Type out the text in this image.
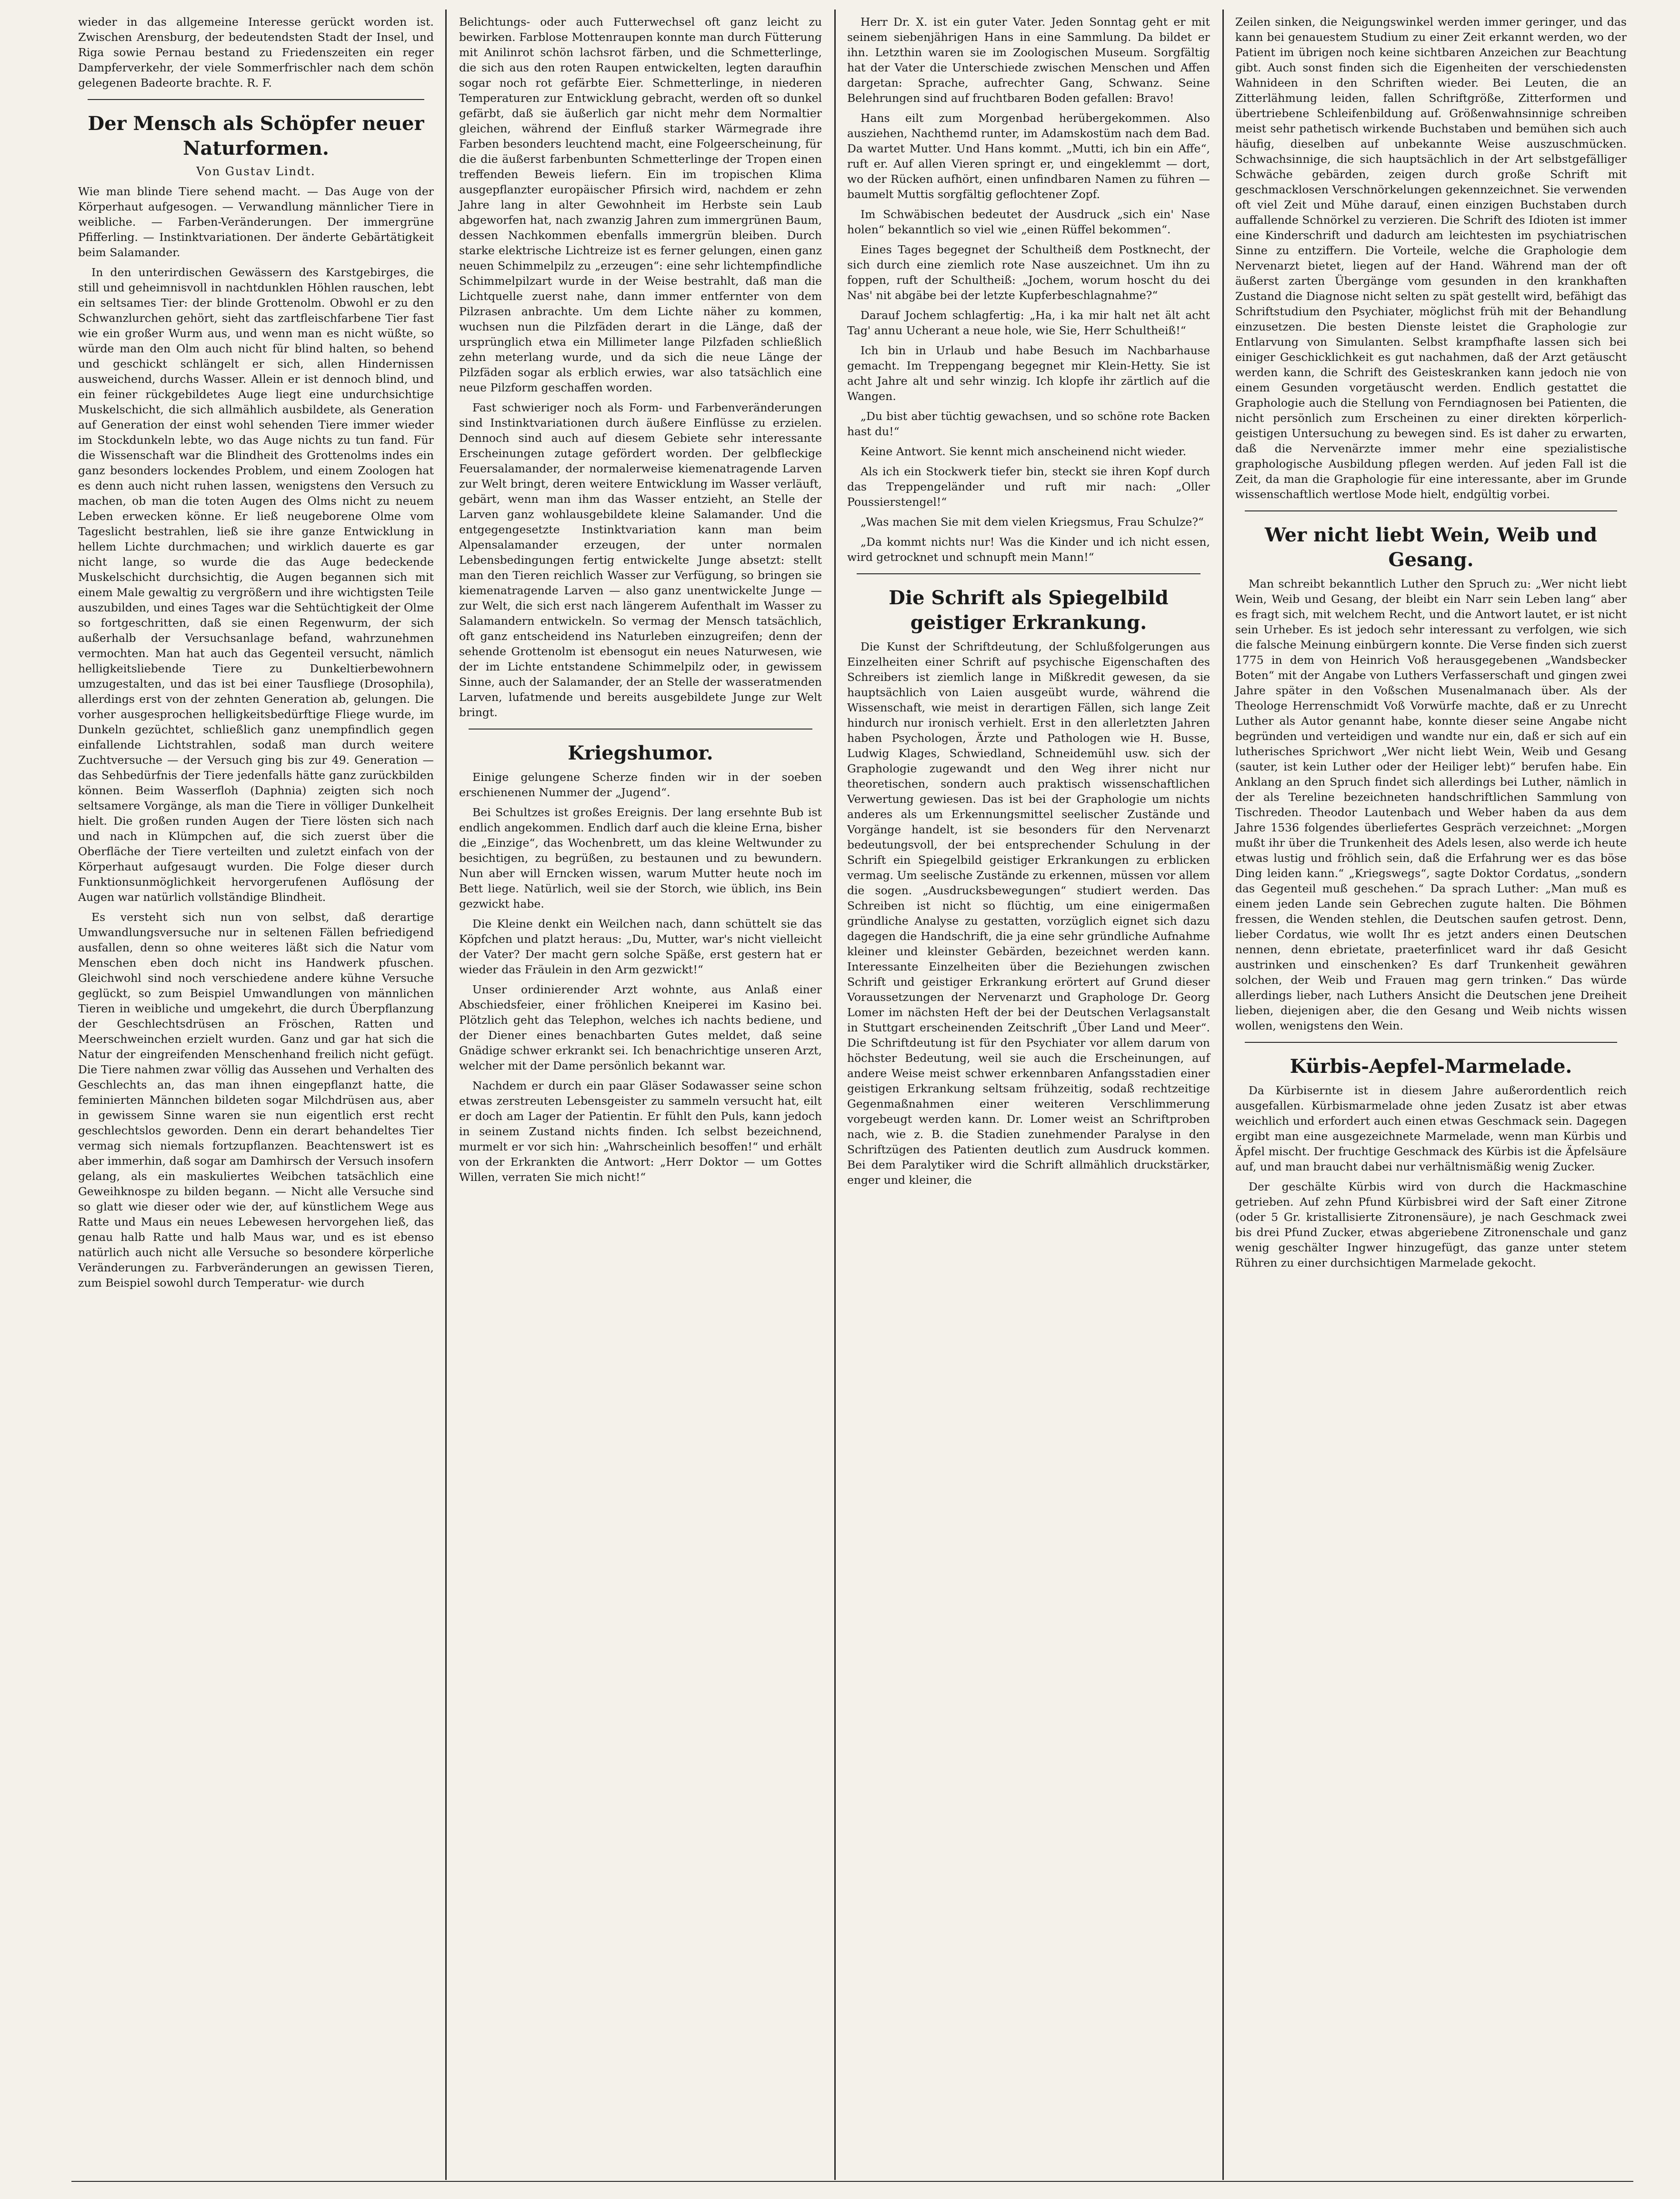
wieder in das allgemeine Interesse gerückt worden ist. Zwischen Arensburg, der bedeutendsten Stadt der Insel, und Riga sowie Pernau bestand zu Friedenszeiten ein reger Dampferverkehr, der viele Sommerfrischler nach dem schön gelegenen Badeorte brachte. R. F.

Der Mensch als Schöpfer neuer Naturformen.
Von Gustav Lindt.

Wie man blinde Tiere sehend macht. — Das Auge von der Körperhaut aufgesogen. — Verwandlung männlicher Tiere in weibliche. — Farben-Veränderungen. Der immergrüne Pfifferling. — Instinktvariationen. Der änderte Gebärtätigkeit beim Salamander.

In den unterirdischen Gewässern des Karstgebirges, die still und geheimnisvoll in nachtdunklen Höhlen rauschen, lebt ein seltsames Tier: der blinde Grottenolm. Obwohl er zu den Schwanzlurchen gehört, sieht das zartfleischfarbene Tier fast wie ein großer Wurm aus, und wenn man es nicht wüßte, so würde man den Olm auch nicht für blind halten, so behend und geschickt schlängelt er sich, allen Hindernissen ausweichend, durchs Wasser. Allein er ist dennoch blind, und ein feiner rückgebildetes Auge liegt eine undurchsichtige Muskelschicht, die sich allmählich ausbildete, als Generation auf Generation der einst wohl sehenden Tiere immer wieder im Stockdunkeln lebte, wo das Auge nichts zu tun fand. Für die Wissenschaft war die Blindheit des Grottenolms indes ein ganz besonders lockendes Problem, und einem Zoologen hat es denn auch nicht ruhen lassen, wenigstens den Versuch zu machen, ob man die toten Augen des Olms nicht zu neuem Leben erwecken könne. Er ließ neugeborene Olme vom Tageslicht bestrahlen, ließ sie ihre ganze Entwicklung in hellem Lichte durchmachen; und wirklich dauerte es gar nicht lange, so wurde die das Auge bedeckende Muskelschicht durchsichtig, die Augen begannen sich mit einem Male gewaltig zu vergrößern und ihre wichtigsten Teile auszubilden, und eines Tages war die Sehtüchtigkeit der Olme so fortgeschritten, daß sie einen Regenwurm, der sich außerhalb der Versuchsanlage befand, wahrzunehmen vermochten. Man hat auch das Gegenteil versucht, nämlich helligkeitsliebende Tiere zu Dunkeltierbewohnern umzugestalten, und das ist bei einer Tausfliege (Drosophila), allerdings erst von der zehnten Generation ab, gelungen. Die vorher ausgesprochen helligkeitsbedürftige Fliege wurde, im Dunkeln gezüchtet, schließlich ganz unempfindlich gegen einfallende Lichtstrahlen, sodaß man durch weitere Zuchtversuche — der Versuch ging bis zur 49. Generation — das Sehbedürfnis der Tiere jedenfalls hätte ganz zurückbilden können. Beim Wasserfloh (Daphnia) zeigten sich noch seltsamere Vorgänge, als man die Tiere in völliger Dunkelheit hielt. Die großen runden Augen der Tiere lösten sich nach und nach in Klümpchen auf, die sich zuerst über die Oberfläche der Tiere verteilten und zuletzt einfach von der Körperhaut aufgesaugt wurden. Die Folge dieser durch Funktionsunmöglichkeit hervorgerufenen Auflösung der Augen war natürlich vollständige Blindheit.

Es versteht sich nun von selbst, daß derartige Umwandlungsversuche nur in seltenen Fällen befriedigend ausfallen, denn so ohne weiteres läßt sich die Natur vom Menschen eben doch nicht ins Handwerk pfuschen. Gleichwohl sind noch verschiedene andere kühne Versuche geglückt, so zum Beispiel Umwandlungen von männlichen Tieren in weibliche und umgekehrt, die durch Überpflanzung der Geschlechtsdrüsen an Fröschen, Ratten und Meerschweinchen erzielt wurden. Ganz und gar hat sich die Natur der eingreifenden Menschenhand freilich nicht gefügt. Die Tiere nahmen zwar völlig das Aussehen und Verhalten des Geschlechts an, das man ihnen eingepflanzt hatte, die feminierten Männchen bildeten sogar Milchdrüsen aus, aber in gewissem Sinne waren sie nun eigentlich erst recht geschlechtslos geworden. Denn ein derart behandeltes Tier vermag sich niemals fortzupflanzen. Beachtenswert ist es aber immerhin, daß sogar am Damhirsch der Versuch insofern gelang, als ein maskuliertes Weibchen tatsächlich eine Geweihknospe zu bilden begann. — Nicht alle Versuche sind so glatt wie dieser oder wie der, auf künstlichem Wege aus Ratte und Maus ein neues Lebewesen hervorgehen ließ, das genau halb Ratte und halb Maus war, und es ist ebenso natürlich auch nicht alle Versuche so besondere körperliche Veränderungen zu. Farbveränderungen an gewissen Tieren, zum Beispiel sowohl durch Temperatur- wie durch

Belichtungs- oder auch Futterwechsel oft ganz leicht zu bewirken. Farblose Mottenraupen konnte man durch Fütterung mit Anilinrot schön lachsrot färben, und die Schmetterlinge, die sich aus den roten Raupen entwickelten, legten daraufhin sogar noch rot gefärbte Eier. Schmetterlinge, in niederen Temperaturen zur Entwicklung gebracht, werden oft so dunkel gefärbt, daß sie äußerlich gar nicht mehr dem Normaltier gleichen, während der Einfluß starker Wärmegrade ihre Farben besonders leuchtend macht, eine Folgeerscheinung, für die die äußerst farbenbunten Schmetterlinge der Tropen einen treffenden Beweis liefern. Ein im tropischen Klima ausgepflanzter europäischer Pfirsich wird, nachdem er zehn Jahre lang in alter Gewohnheit im Herbste sein Laub abgeworfen hat, nach zwanzig Jahren zum immergrünen Baum, dessen Nachkommen ebenfalls immergrün bleiben. Durch starke elektrische Lichtreize ist es ferner gelungen, einen ganz neuen Schimmelpilz zu „erzeugen“: eine sehr lichtempfindliche Schimmelpilzart wurde in der Weise bestrahlt, daß man die Lichtquelle zuerst nahe, dann immer entfernter von dem Pilzrasen anbrachte. Um dem Lichte näher zu kommen, wuchsen nun die Pilzfäden derart in die Länge, daß der ursprünglich etwa ein Millimeter lange Pilzfaden schließlich zehn meterlang wurde, und da sich die neue Länge der Pilzfäden sogar als erblich erwies, war also tatsächlich eine neue Pilzform geschaffen worden.

Fast schwieriger noch als Form- und Farbenveränderungen sind Instinktvariationen durch äußere Einflüsse zu erzielen. Dennoch sind auch auf diesem Gebiete sehr interessante Erscheinungen zutage gefördert worden. Der gelbfleckige Feuersalamander, der normalerweise kiemenatragende Larven zur Welt bringt, deren weitere Entwicklung im Wasser verläuft, gebärt, wenn man ihm das Wasser entzieht, an Stelle der Larven ganz wohlausgebildete kleine Salamander. Und die entgegengesetzte Instinktvariation kann man beim Alpensalamander erzeugen, der unter normalen Lebensbedingungen fertig entwickelte Junge absetzt: stellt man den Tieren reichlich Wasser zur Verfügung, so bringen sie kiemenatragende Larven — also ganz unentwickelte Junge — zur Welt, die sich erst nach längerem Aufenthalt im Wasser zu Salamandern entwickeln. So vermag der Mensch tatsächlich, oft ganz entscheidend ins Naturleben einzugreifen; denn der sehende Grottenolm ist ebensogut ein neues Naturwesen, wie der im Lichte entstandene Schimmelpilz oder, in gewissem Sinne, auch der Salamander, der an Stelle der wasseratmenden Larven, lufatmende und bereits ausgebildete Junge zur Welt bringt.

Kriegshumor.

Einige gelungene Scherze finden wir in der soeben erschienenen Nummer der „Jugend“.

Bei Schultzes ist großes Ereignis. Der lang ersehnte Bub ist endlich angekommen. Endlich darf auch die kleine Erna, bisher die „Einzige“, das Wochenbrett, um das kleine Weltwunder zu besichtigen, zu begrüßen, zu bestaunen und zu bewundern. Nun aber will Erncken wissen, warum Mutter heute noch im Bett liege. Natürlich, weil sie der Storch, wie üblich, ins Bein gezwickt habe.

Die Kleine denkt ein Weilchen nach, dann schüttelt sie das Köpfchen und platzt heraus: „Du, Mutter, war's nicht vielleicht der Vater? Der macht gern solche Späße, erst gestern hat er wieder das Fräulein in den Arm gezwickt!“

Unser ordinierender Arzt wohnte, aus Anlaß einer Abschiedsfeier, einer fröhlichen Kneiperei im Kasino bei. Plötzlich geht das Telephon, welches ich nachts bediene, und der Diener eines benachbarten Gutes meldet, daß seine Gnädige schwer erkrankt sei. Ich benachrichtige unseren Arzt, welcher mit der Dame persönlich bekannt war.

Nachdem er durch ein paar Gläser Sodawasser seine schon etwas zerstreuten Lebensgeister zu sammeln versucht hat, eilt er doch am Lager der Patientin. Er fühlt den Puls, kann jedoch in seinem Zustand nichts finden. Ich selbst bezeichnend, murmelt er vor sich hin: „Wahrscheinlich besoffen!“ und erhält von der Erkrankten die Antwort: „Herr Doktor — um Gottes Willen, verraten Sie mich nicht!“

Herr Dr. X. ist ein guter Vater. Jeden Sonntag geht er mit seinem siebenjährigen Hans in eine Sammlung. Da bildet er ihn. Letzthin waren sie im Zoologischen Museum. Sorgfältig hat der Vater die Unterschiede zwischen Menschen und Affen dargetan: Sprache, aufrechter Gang, Schwanz. Seine Belehrungen sind auf fruchtbaren Boden gefallen: Bravo!

Hans eilt zum Morgenbad herübergekommen. Also ausziehen, Nachthemd runter, im Adamskostüm nach dem Bad. Da wartet Mutter. Und Hans kommt. „Mutti, ich bin ein Affe“, ruft er. Auf allen Vieren springt er, und eingeklemmt — dort, wo der Rücken aufhört, einen unfindbaren Namen zu führen — baumelt Muttis sorgfältig geflochtener Zopf.

Im Schwäbischen bedeutet der Ausdruck „sich ein' Nase holen“ bekanntlich so viel wie „einen Rüffel bekommen“.

Eines Tages begegnet der Schultheiß dem Postknecht, der sich durch eine ziemlich rote Nase auszeichnet. Um ihn zu foppen, ruft der Schultheiß: „Jochem, worum hoscht du dei Nas' nit abgäbe bei der letzte Kupferbeschlagnahme?“

Darauf Jochem schlagfertig: „Ha, i ka mir halt net ält acht Tag' annu Ucherant a neue hole, wie Sie, Herr Schultheiß!“

Ich bin in Urlaub und habe Besuch im Nachbarhause gemacht. Im Treppengang begegnet mir Klein-Hetty. Sie ist acht Jahre alt und sehr winzig. Ich klopfe ihr zärtlich auf die Wangen.

„Du bist aber tüchtig gewachsen, und so schöne rote Backen hast du!“

Keine Antwort. Sie kennt mich anscheinend nicht wieder.

Als ich ein Stockwerk tiefer bin, steckt sie ihren Kopf durch das Treppengeländer und ruft mir nach: „Oller Poussierstengel!“

„Was machen Sie mit dem vielen Kriegsmus, Frau Schulze?“

„Da kommt nichts nur! Was die Kinder und ich nicht essen, wird getrocknet und schnupft mein Mann!“

Die Schrift als Spiegelbild geistiger Erkrankung.

Die Kunst der Schriftdeutung, der Schlußfolgerungen aus Einzelheiten einer Schrift auf psychische Eigenschaften des Schreibers ist ziemlich lange in Mißkredit gewesen, da sie hauptsächlich von Laien ausgeübt wurde, während die Wissenschaft, wie meist in derartigen Fällen, sich lange Zeit hindurch nur ironisch verhielt. Erst in den allerletzten Jahren haben Psychologen, Ärzte und Pathologen wie H. Busse, Ludwig Klages, Schwiedland, Schneidemühl usw. sich der Graphologie zugewandt und den Weg ihrer nicht nur theoretischen, sondern auch praktisch wissenschaftlichen Verwertung gewiesen. Das ist bei der Graphologie um nichts anderes als um Erkennungsmittel seelischer Zustände und Vorgänge handelt, ist sie besonders für den Nervenarzt bedeutungsvoll, der bei entsprechender Schulung in der Schrift ein Spiegelbild geistiger Erkrankungen zu erblicken vermag. Um seelische Zustände zu erkennen, müssen vor allem die sogen. „Ausdrucksbewegungen“ studiert werden. Das Schreiben ist nicht so flüchtig, um eine einigermaßen gründliche Analyse zu gestatten, vorzüglich eignet sich dazu dagegen die Handschrift, die ja eine sehr gründliche Aufnahme kleiner und kleinster Gebärden, bezeichnet werden kann. Interessante Einzelheiten über die Beziehungen zwischen Schrift und geistiger Erkrankung erörtert auf Grund dieser Voraussetzungen der Nervenarzt und Graphologe Dr. Georg Lomer im nächsten Heft der bei der Deutschen Verlagsanstalt in Stuttgart erscheinenden Zeitschrift „Über Land und Meer“. Die Schriftdeutung ist für den Psychiater vor allem darum von höchster Bedeutung, weil sie auch die Erscheinungen, auf andere Weise meist schwer erkennbaren Anfangsstadien einer geistigen Erkrankung seltsam frühzeitig, sodaß rechtzeitige Gegenmaßnahmen einer weiteren Verschlimmerung vorgebeugt werden kann. Dr. Lomer weist an Schriftproben nach, wie z. B. die Stadien zunehmender Paralyse in den Schriftzügen des Patienten deutlich zum Ausdruck kommen. Bei dem Paralytiker wird die Schrift allmählich druckstärker, enger und kleiner, die

Zeilen sinken, die Neigungswinkel werden immer geringer, und das kann bei genauestem Studium zu einer Zeit erkannt werden, wo der Patient im übrigen noch keine sichtbaren Anzeichen zur Beachtung gibt. Auch sonst finden sich die Eigenheiten der verschiedensten Wahnideen in den Schriften wieder. Bei Leuten, die an Zitterlähmung leiden, fallen Schriftgröße, Zitterformen und übertriebene Schleifenbildung auf. Größenwahnsinnige schreiben meist sehr pathetisch wirkende Buchstaben und bemühen sich auch häufig, dieselben auf unbekannte Weise auszuschmücken. Schwachsinnige, die sich hauptsächlich in der Art selbstgefälliger Schwäche gebärden, zeigen durch große Schrift mit geschmacklosen Verschnörkelungen gekennzeichnet. Sie verwenden oft viel Zeit und Mühe darauf, einen einzigen Buchstaben durch auffallende Schnörkel zu verzieren. Die Schrift des Idioten ist immer eine Kinderschrift und dadurch am leichtesten im psychiatrischen Sinne zu entziffern. Die Vorteile, welche die Graphologie dem Nervenarzt bietet, liegen auf der Hand. Während man der oft äußerst zarten Übergänge vom gesunden in den krankhaften Zustand die Diagnose nicht selten zu spät gestellt wird, befähigt das Schriftstudium den Psychiater, möglichst früh mit der Behandlung einzusetzen. Die besten Dienste leistet die Graphologie zur Entlarvung von Simulanten. Selbst krampfhafte lassen sich bei einiger Geschicklichkeit es gut nachahmen, daß der Arzt getäuscht werden kann, die Schrift des Geisteskranken kann jedoch nie von einem Gesunden vorgetäuscht werden. Endlich gestattet die Graphologie auch die Stellung von Ferndiagnosen bei Patienten, die nicht persönlich zum Erscheinen zu einer direkten körperlich-geistigen Untersuchung zu bewegen sind. Es ist daher zu erwarten, daß die Nervenärzte immer mehr eine spezialistische graphologische Ausbildung pflegen werden. Auf jeden Fall ist die Zeit, da man die Graphologie für eine interessante, aber im Grunde wissenschaftlich wertlose Mode hielt, endgültig vorbei.

Wer nicht liebt Wein, Weib und Gesang.

Man schreibt bekanntlich Luther den Spruch zu: „Wer nicht liebt Wein, Weib und Gesang, der bleibt ein Narr sein Leben lang“ aber es fragt sich, mit welchem Recht, und die Antwort lautet, er ist nicht sein Urheber. Es ist jedoch sehr interessant zu verfolgen, wie sich die falsche Meinung einbürgern konnte. Die Verse finden sich zuerst 1775 in dem von Heinrich Voß herausgegebenen „Wandsbecker Boten“ mit der Angabe von Luthers Verfasserschaft und gingen zwei Jahre später in den Voßschen Musenalmanach über. Als der Theologe Herrenschmidt Voß Vorwürfe machte, daß er zu Unrecht Luther als Autor genannt habe, konnte dieser seine Angabe nicht begründen und verteidigen und wandte nur ein, daß er sich auf ein lutherisches Sprichwort „Wer nicht liebt Wein, Weib und Gesang (sauter, ist kein Luther oder der Heiliger lebt)“ berufen habe. Ein Anklang an den Spruch findet sich allerdings bei Luther, nämlich in der als Tereline bezeichneten handschriftlichen Sammlung von Tischreden. Theodor Lautenbach und Weber haben da aus dem Jahre 1536 folgendes überliefertes Gespräch verzeichnet: „Morgen mußt ihr über die Trunkenheit des Adels lesen, also werde ich heute etwas lustig und fröhlich sein, daß die Erfahrung wer es das böse Ding leiden kann.“ „Kriegswegs“, sagte Doktor Cordatus, „sondern das Gegenteil muß geschehen.“ Da sprach Luther: „Man muß es einem jeden Lande sein Gebrechen zugute halten. Die Böhmen fressen, die Wenden stehlen, die Deutschen saufen getrost. Denn, lieber Cordatus, wie wollt Ihr es jetzt anders einen Deutschen nennen, denn ebrietate, praeterfinlicet ward ihr daß Gesicht austrinken und einschenken? Es darf Trunkenheit gewähren solchen, der Weib und Frauen mag gern trinken.“ Das würde allerdings lieber, nach Luthers Ansicht die Deutschen jene Dreiheit lieben, diejenigen aber, die den Gesang und Weib nichts wissen wollen, wenigstens den Wein.

Kürbis-Aepfel-Marmelade.

Da Kürbisernte ist in diesem Jahre außerordentlich reich ausgefallen. Kürbismarmelade ohne jeden Zusatz ist aber etwas weichlich und erfordert auch einen etwas Geschmack sein. Dagegen ergibt man eine ausgezeichnete Marmelade, wenn man Kürbis und Äpfel mischt. Der fruchtige Geschmack des Kürbis ist die Äpfelsäure auf, und man braucht dabei nur verhältnismäßig wenig Zucker.

Der geschälte Kürbis wird von durch die Hackmaschine getrieben. Auf zehn Pfund Kürbisbrei wird der Saft einer Zitrone (oder 5 Gr. kristallisierte Zitronensäure), je nach Geschmack zwei bis drei Pfund Zucker, etwas abgeriebene Zitronenschale und ganz wenig geschälter Ingwer hinzugefügt, das ganze unter stetem Rühren zu einer durchsichtigen Marmelade gekocht.
